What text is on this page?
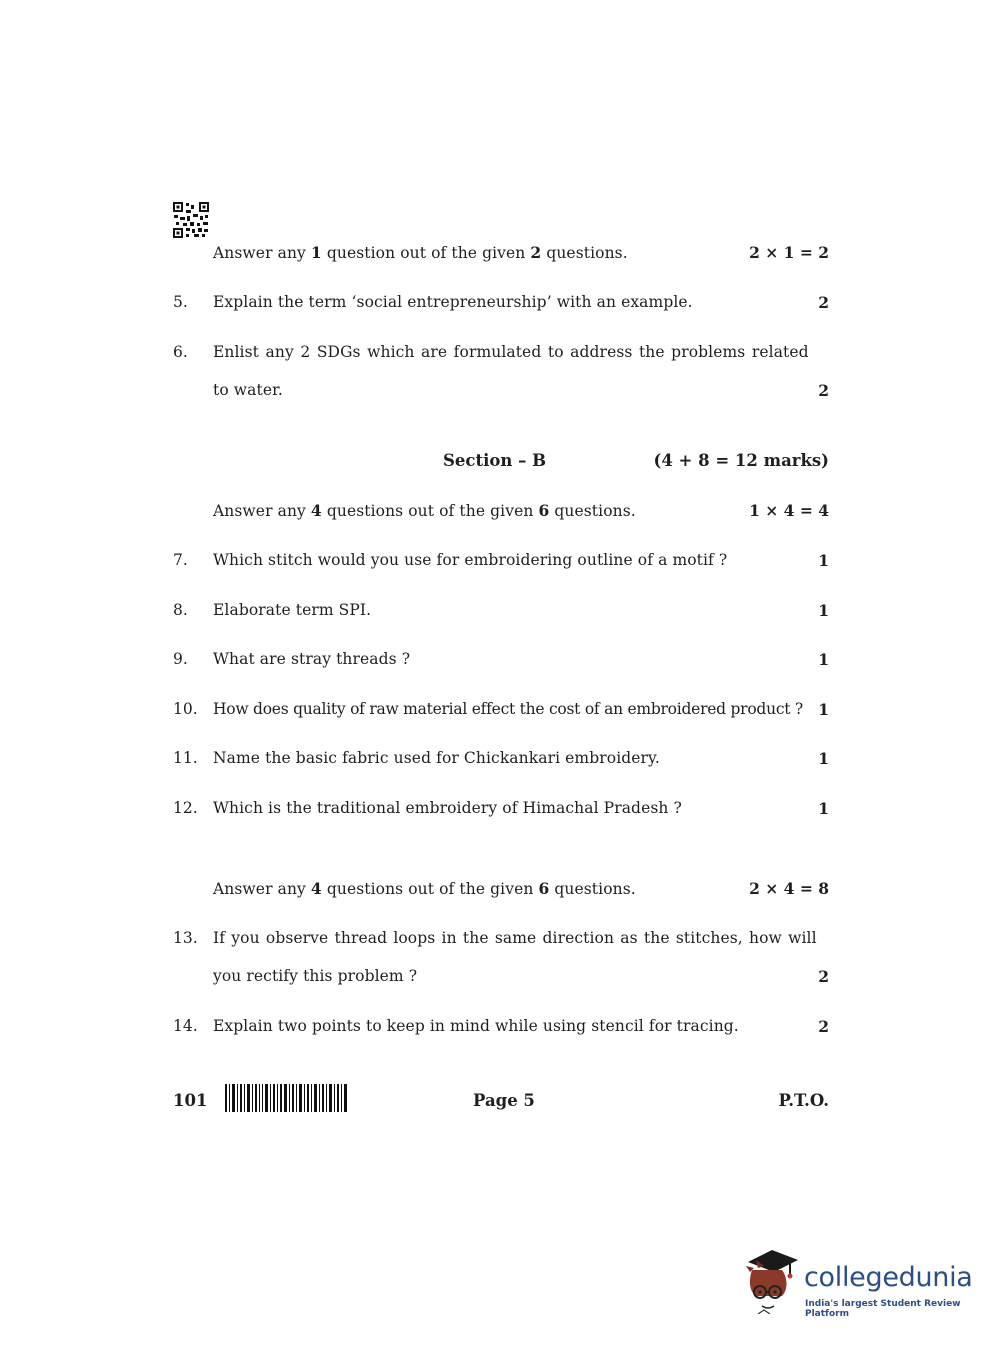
Answer any 1 question out of the given 2 questions.	2 × 1 = 2
5. Explain the term ‘social entrepreneurship’ with an example.	2
6. Enlist any 2 SDGs which are formulated to address the problems related
to water.	2
Section – B	(4 + 8 = 12 marks)
Answer any 4 questions out of the given 6 questions.	1 × 4 = 4
7. Which stitch would you use for embroidering outline of a motif ?	1
8. Elaborate term SPI.	1
9. What are stray threads ?	1
10. How does quality of raw material effect the cost of an embroidered product ? 1
11. Name the basic fabric used for Chickankari embroidery.	1
12. Which is the traditional embroidery of Himachal Pradesh ?	1
Answer any 4 questions out of the given 6 questions.	2 × 4 = 8
13. If you observe thread loops in the same direction as the stitches, how will
you rectify this problem ?	2
14. Explain two points to keep in mind while using stencil for tracing.	2
101	Page 5	P.T.O.
collegedunia
India's largest Student Review Platform
